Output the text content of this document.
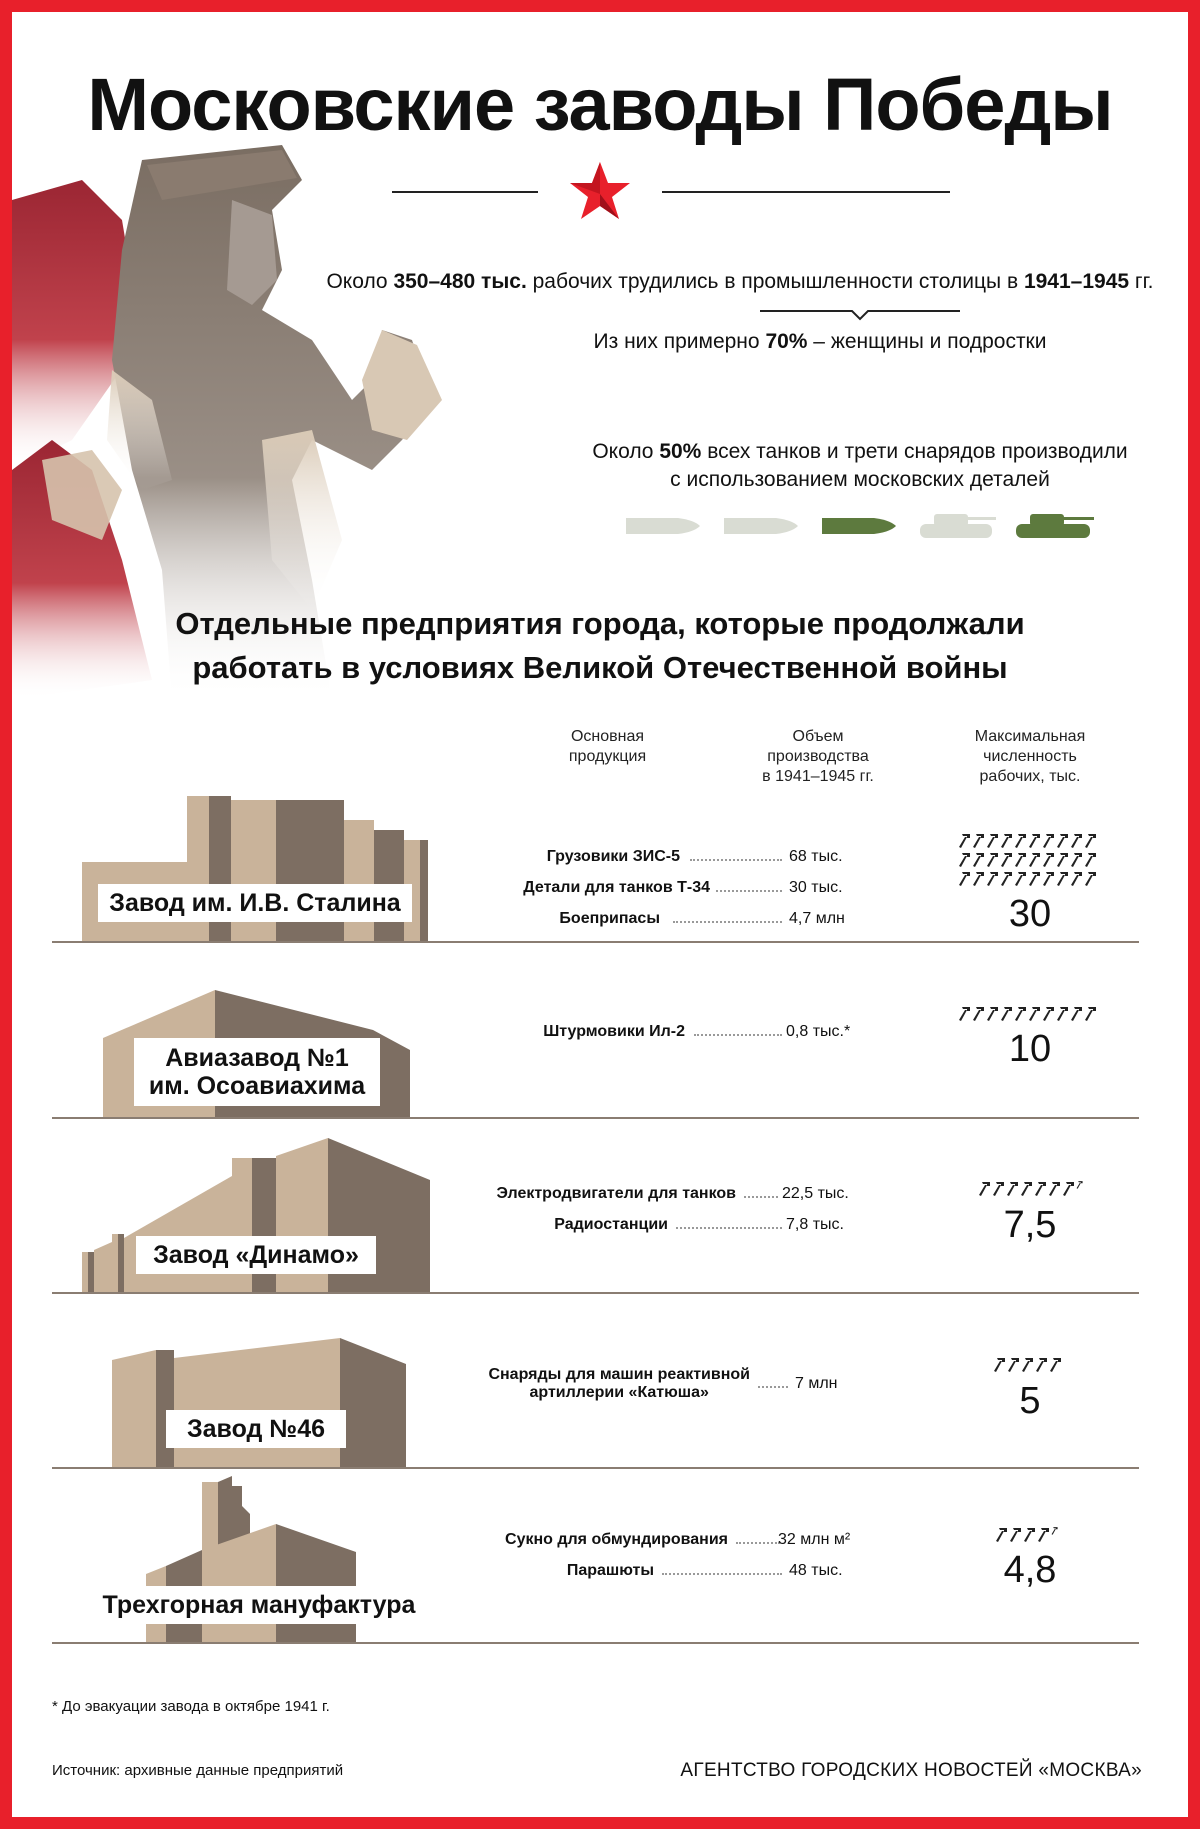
Московские заводы Победы
Около 350–480 тыс. рабочих трудились в промышленности столицы в 1941–1945 гг.
Из них примерно 70% – женщины и подростки
Около 50% всех танков и трети снарядов производили
с использованием московских деталей
Отдельные предприятия города, которые продолжали
работать в условиях Великой Отечественной войны
Основная
продукция
Объем
производства
в 1941–1945 гг.
Максимальная
численность
рабочих, тыс.
Завод им. И.В. Сталина
Грузовики ЗИС-5	68 тыс.
Детали для танков Т-34	30 тыс.
Боеприпасы	4,7 млн	30
Авиазавод №1
им. Осоавиахима
Штурмовики Ил-2	0,8 тыс.*	10
Завод «Динамо»
Электродвигатели для танков	22,5 тыс.
Радиостанции	7,8 тыс.	7,5
Завод №46
Снаряды для машин реактивной
артиллерии «Катюша»
7 млн	5
Трехгорная мануфактура
Сукно для обмундирования	32 млн м²
Парашюты	48 тыс.	4,8
* До эвакуации завода в октябре 1941 г.
Источник: архивные данные предприятий	АГЕНТСТВО ГОРОДСКИХ НОВОСТЕЙ «МОСКВА»
